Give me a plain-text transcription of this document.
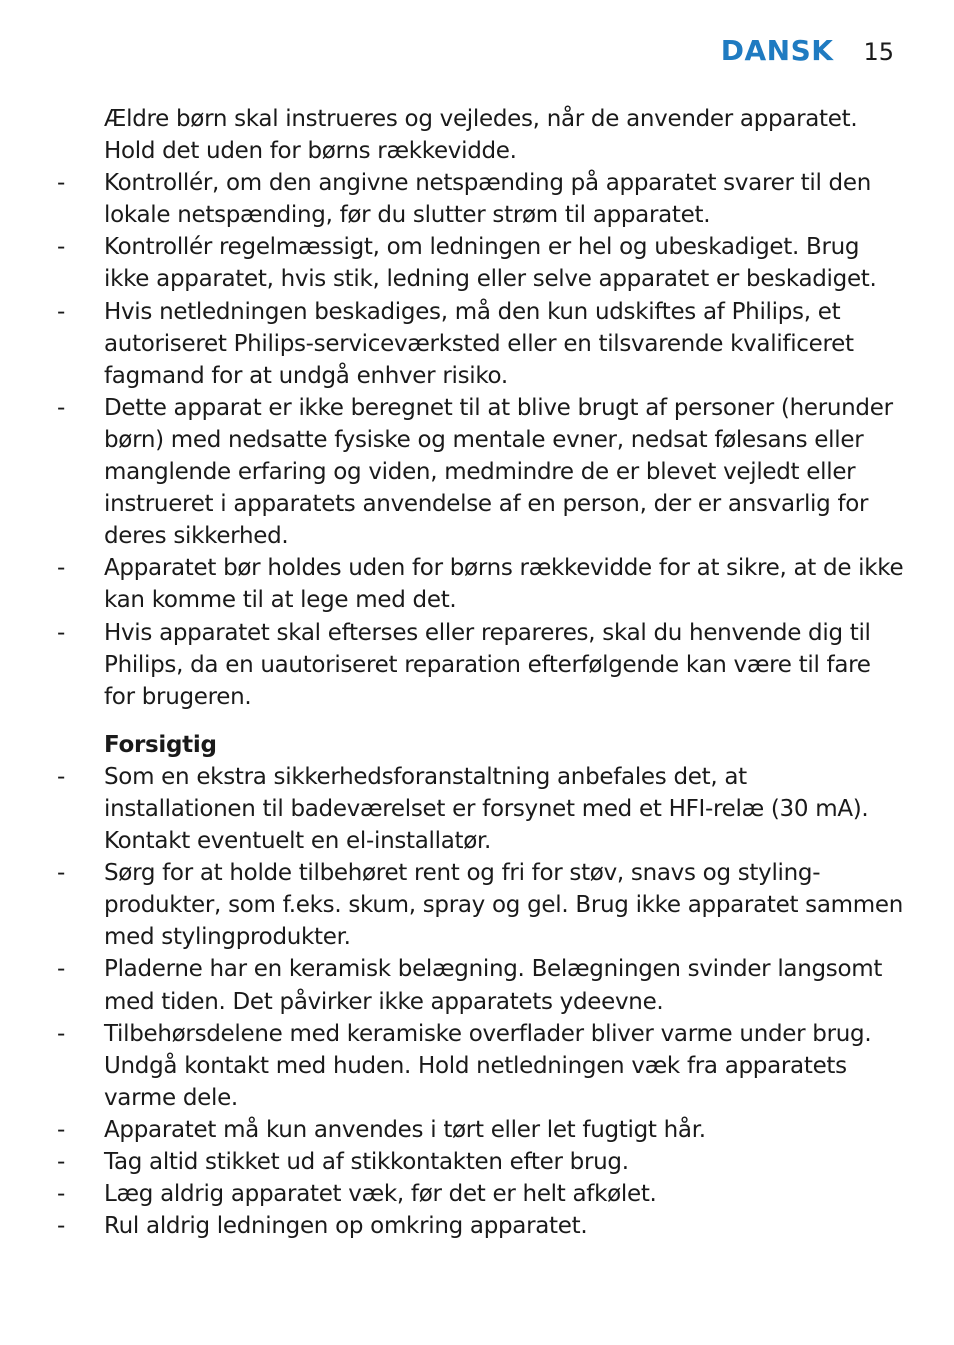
DANSK 15
Ældre børn skal instrueres og vejledes, når de anvender apparatet. Hold det uden for børns rækkevidde.
- Kontrollér, om den angivne netspænding på apparatet svarer til den lokale netspænding, før du slutter strøm til apparatet.
- Kontrollér regelmæssigt, om ledningen er hel og ubeskadiget. Brug ikke apparatet, hvis stik, ledning eller selve apparatet er beskadiget.
- Hvis netledningen beskadiges, må den kun udskiftes af Philips, et autoriseret Philips-serviceværksted eller en tilsvarende kvalificeret fagmand for at undgå enhver risiko.
- Dette apparat er ikke beregnet til at blive brugt af personer (herunder børn) med nedsatte fysiske og mentale evner, nedsat følesans eller manglende erfaring og viden, medmindre de er blevet vejledt eller instrueret i apparatets anvendelse af en person, der er ansvarlig for deres sikkerhed.
- Apparatet bør holdes uden for børns rækkevidde for at sikre, at de ikke kan komme til at lege med det.
- Hvis apparatet skal efterses eller repareres, skal du henvende dig til Philips, da en uautoriseret reparation efterfølgende kan være til fare for brugeren.
Forsigtig
- Som en ekstra sikkerhedsforanstaltning anbefales det, at installationen til badeværelset er forsynet med et HFI-relæ (30 mA). Kontakt eventuelt en el-installatør.
- Sørg for at holde tilbehøret rent og fri for støv, snavs og styling-produkter, som f.eks. skum, spray og gel. Brug ikke apparatet sammen med stylingprodukter.
- Pladerne har en keramisk belægning. Belægningen svinder langsomt med tiden. Det påvirker ikke apparatets ydeevne.
- Tilbehørsdelene med keramiske overflader bliver varme under brug. Undgå kontakt med huden. Hold netledningen væk fra apparatets varme dele.
- Apparatet må kun anvendes i tørt eller let fugtigt hår.
- Tag altid stikket ud af stikkontakten efter brug.
- Læg aldrig apparatet væk, før det er helt afkølet.
- Rul aldrig ledningen op omkring apparatet.
